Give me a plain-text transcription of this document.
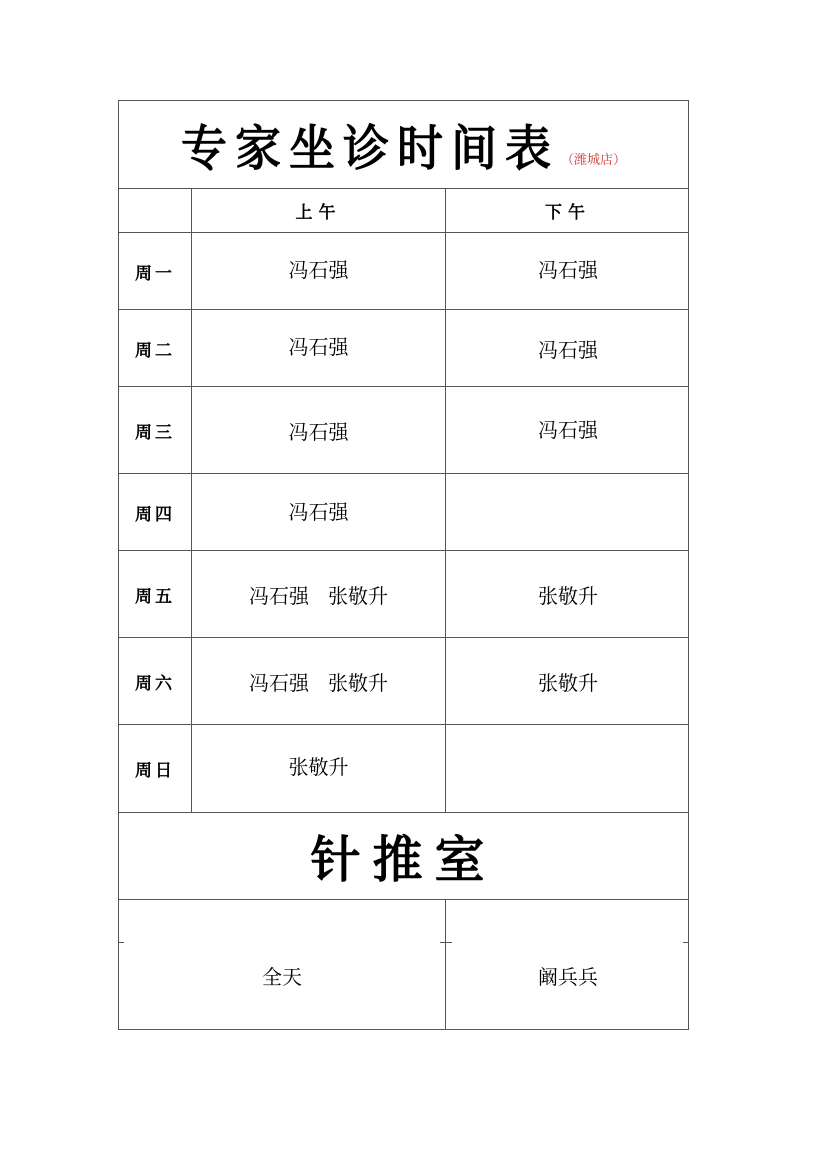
专家坐诊时间表 （潍城店）
上午	下午
周一	冯石强	冯石强
周二	冯石强	冯石强
周三	冯石强	冯石强
周四	冯石强
周五	冯石强   张敬升	张敬升
周六	冯石强   张敬升	张敬升
周日	张敬升
针推室
全天	阚兵兵
